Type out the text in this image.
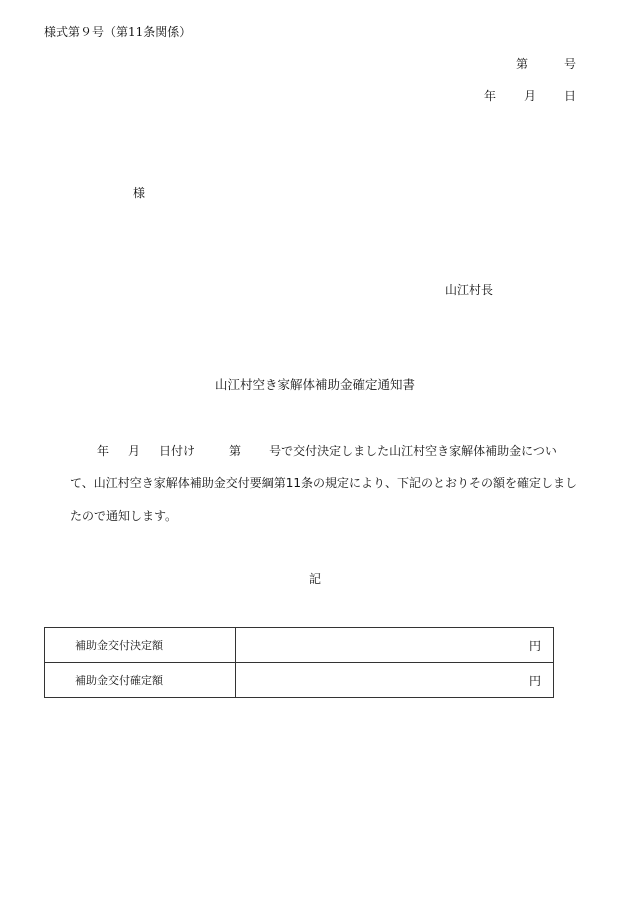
様式第９号（第11条関係）
第	号
年 月 日
様
山江村長
山江村空き家解体補助金確定通知書
年 月 日付け	第 号で交付決定しました山江村空き家解体補助金につい
て、山江村空き家解体補助金交付要綱第11条の規定により、下記のとおりその額を確定しまし
たので通知します。
記
補助金交付決定額	円
補助金交付確定額	円
